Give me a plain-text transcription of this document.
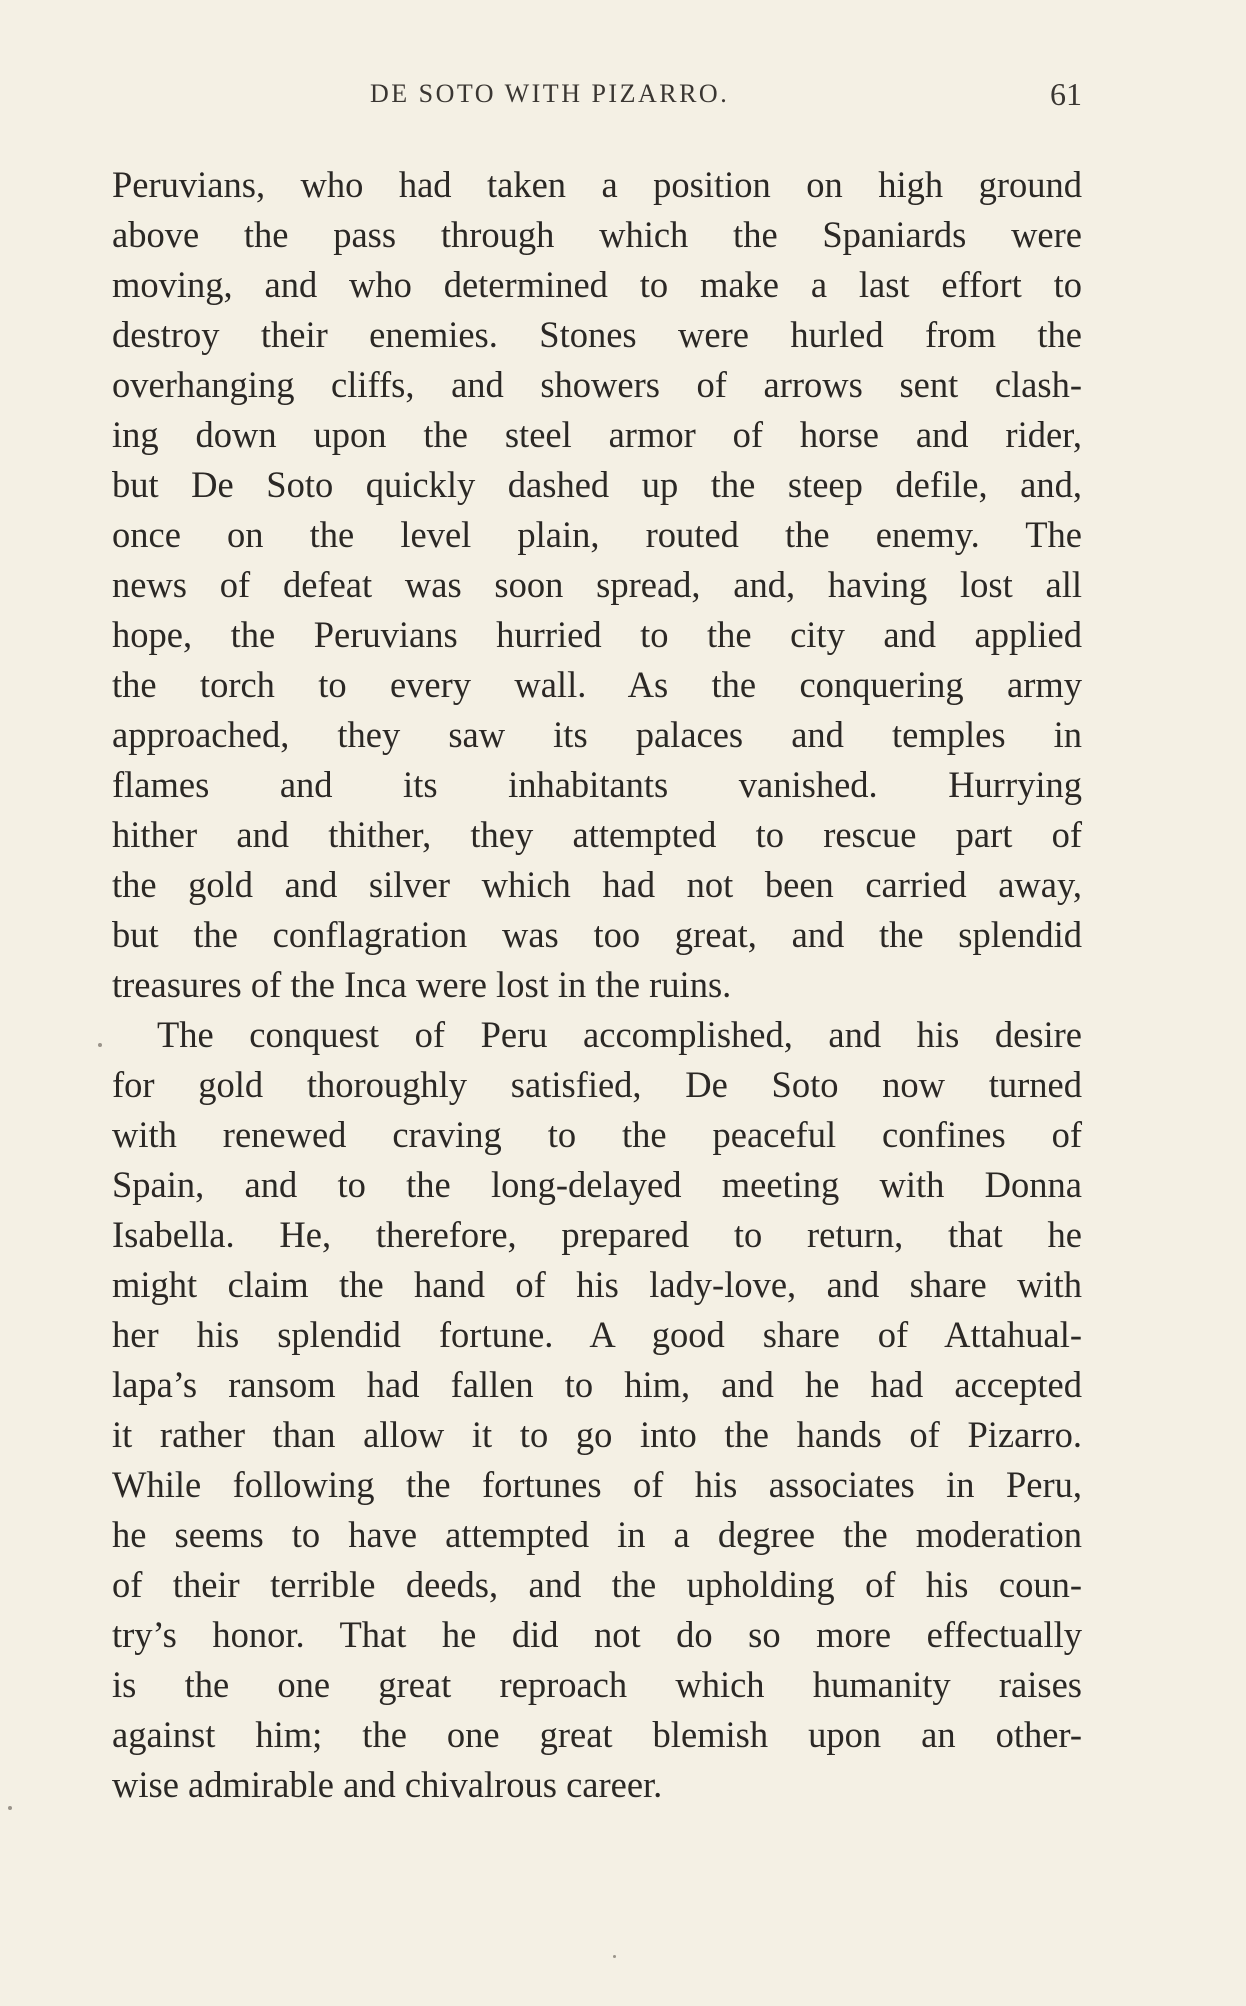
DE SOTO WITH PIZARRO.	61
Peruvians, who had taken a position on high ground
above the pass through which the Spaniards were
moving, and who determined to make a last effort to
destroy their enemies. Stones were hurled from the
overhanging cliffs, and showers of arrows sent clash-
ing down upon the steel armor of horse and rider,
but De Soto quickly dashed up the steep defile, and,
once on the level plain, routed the enemy. The
news of defeat was soon spread, and, having lost all
hope, the Peruvians hurried to the city and applied
the torch to every wall. As the conquering army
approached, they saw its palaces and temples in
flames and its inhabitants vanished. Hurrying
hither and thither, they attempted to rescue part of
the gold and silver which had not been carried away,
but the conflagration was too great, and the splendid
treasures of the Inca were lost in the ruins.
The conquest of Peru accomplished, and his desire
for gold thoroughly satisfied, De Soto now turned
with renewed craving to the peaceful confines of
Spain, and to the long-delayed meeting with Donna
Isabella. He, therefore, prepared to return, that he
might claim the hand of his lady-love, and share with
her his splendid fortune. A good share of Attahual-
lapa’s ransom had fallen to him, and he had accepted
it rather than allow it to go into the hands of Pizarro.
While following the fortunes of his associates in Peru,
he seems to have attempted in a degree the moderation
of their terrible deeds, and the upholding of his coun-
try’s honor. That he did not do so more effectually
is the one great reproach which humanity raises
against him; the one great blemish upon an other-
wise admirable and chivalrous career.
